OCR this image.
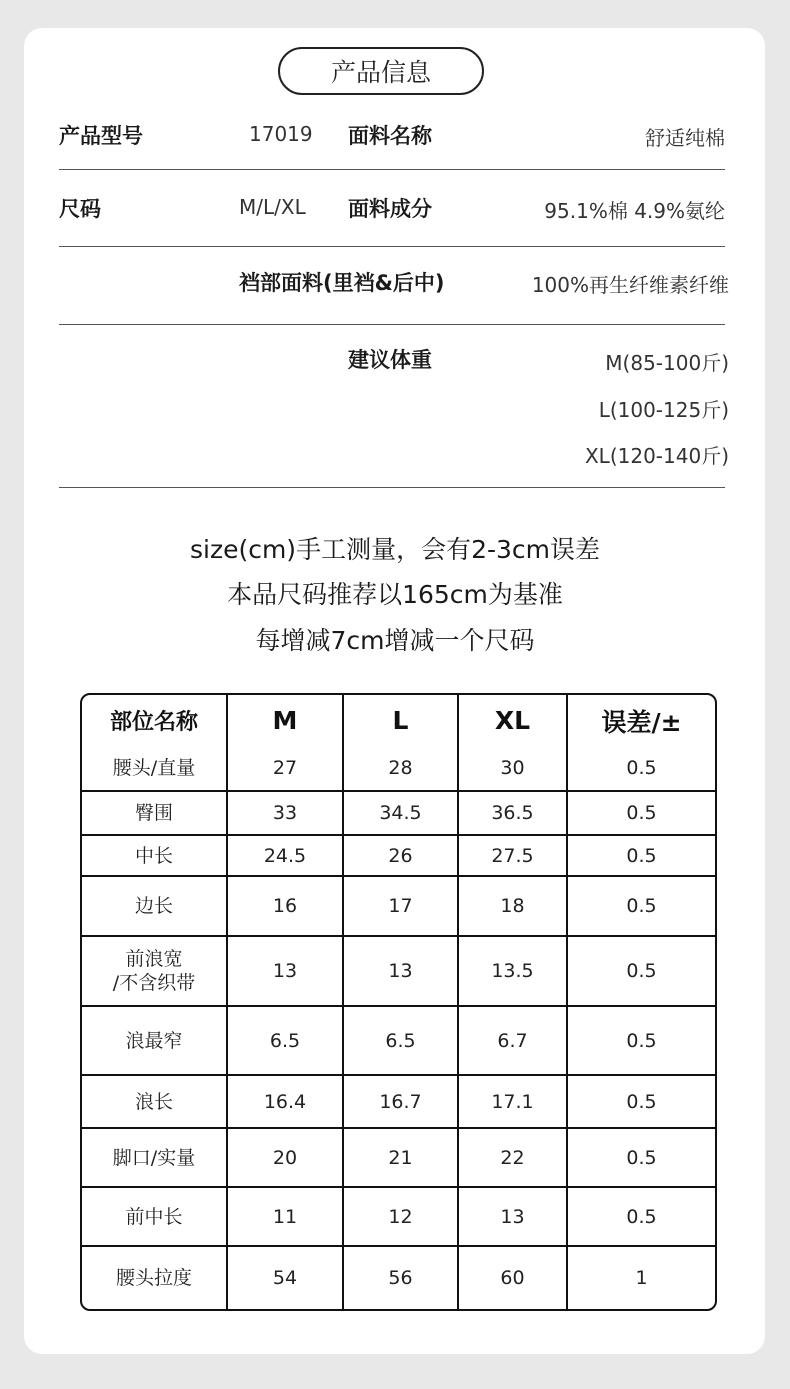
产品信息
产品型号	17019 面料名称	舒适纯棉
尺码	M/L/XL 面料成分	95.1%棉 4.9%氨纶
裆部面料(里裆&后中)	100%再生纤维素纤维
建议体重	M(85-100斤)
L(100-125斤)
XL(120-140斤)
size(cm)手工测量，会有2-3cm误差
本品尺码推荐以165cm为基准
每增减7cm增减一个尺码
部位名称	M	L	XL	误差/±
腰头/直量	27	28	30	0.5
臀围	33	34.5	36.5	0.5
中长	24.5	26	27.5	0.5
边长	16	17	18	0.5
前浪宽
/不含织带	13	13	13.5	0.5
浪最窄	6.5	6.5	6.7	0.5
浪长	16.4	16.7	17.1	0.5
脚口/实量	20	21	22	0.5
前中长	11	12	13	0.5
腰头拉度	54	56	60	1
